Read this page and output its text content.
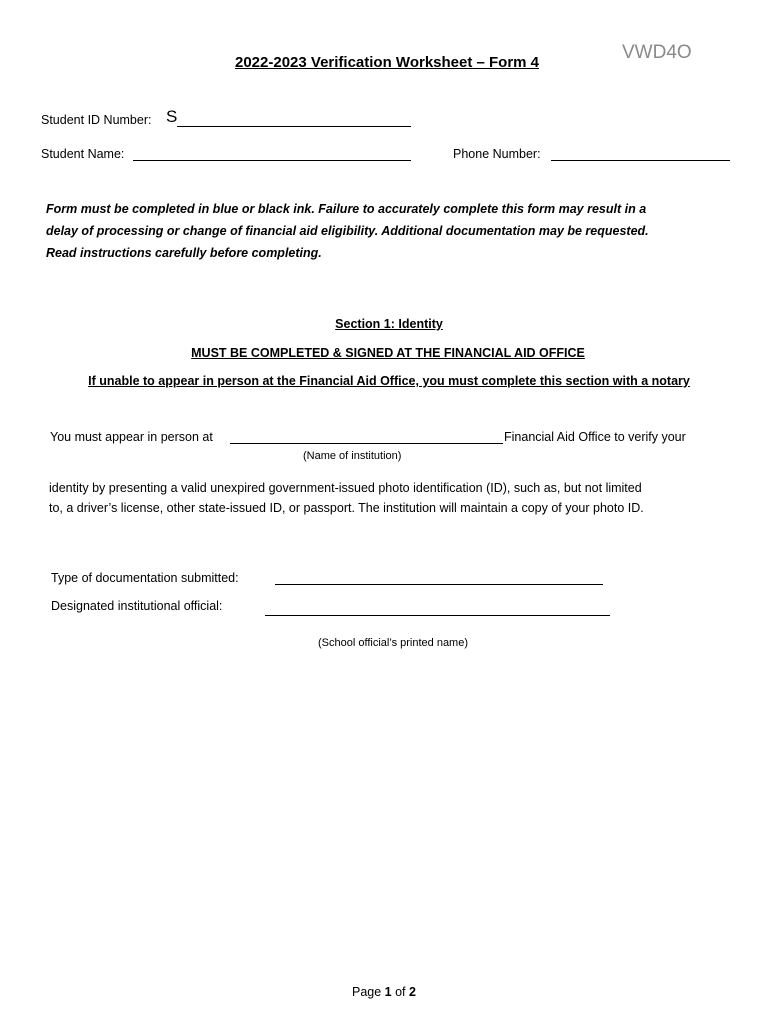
2022-2023 Verification Worksheet – Form 4	VWD4O
Student ID Number: S
Student Name:	Phone Number:
Form must be completed in blue or black ink. Failure to accurately complete this form may result in a
delay of processing or change of financial aid eligibility. Additional documentation may be requested.
Read instructions carefully before completing.
Section 1: Identity
MUST BE COMPLETED & SIGNED AT THE FINANCIAL AID OFFICE
If unable to appear in person at the Financial Aid Office, you must complete this section with a notary
You must appear in person at	Financial Aid Office to verify your
(Name of institution)
identity by presenting a valid unexpired government-issued photo identification (ID), such as, but not limited
to, a driver’s license, other state-issued ID, or passport. The institution will maintain a copy of your photo ID.
Type of documentation submitted:
Designated institutional official:
(School official’s printed name)
Page 1 of 2
